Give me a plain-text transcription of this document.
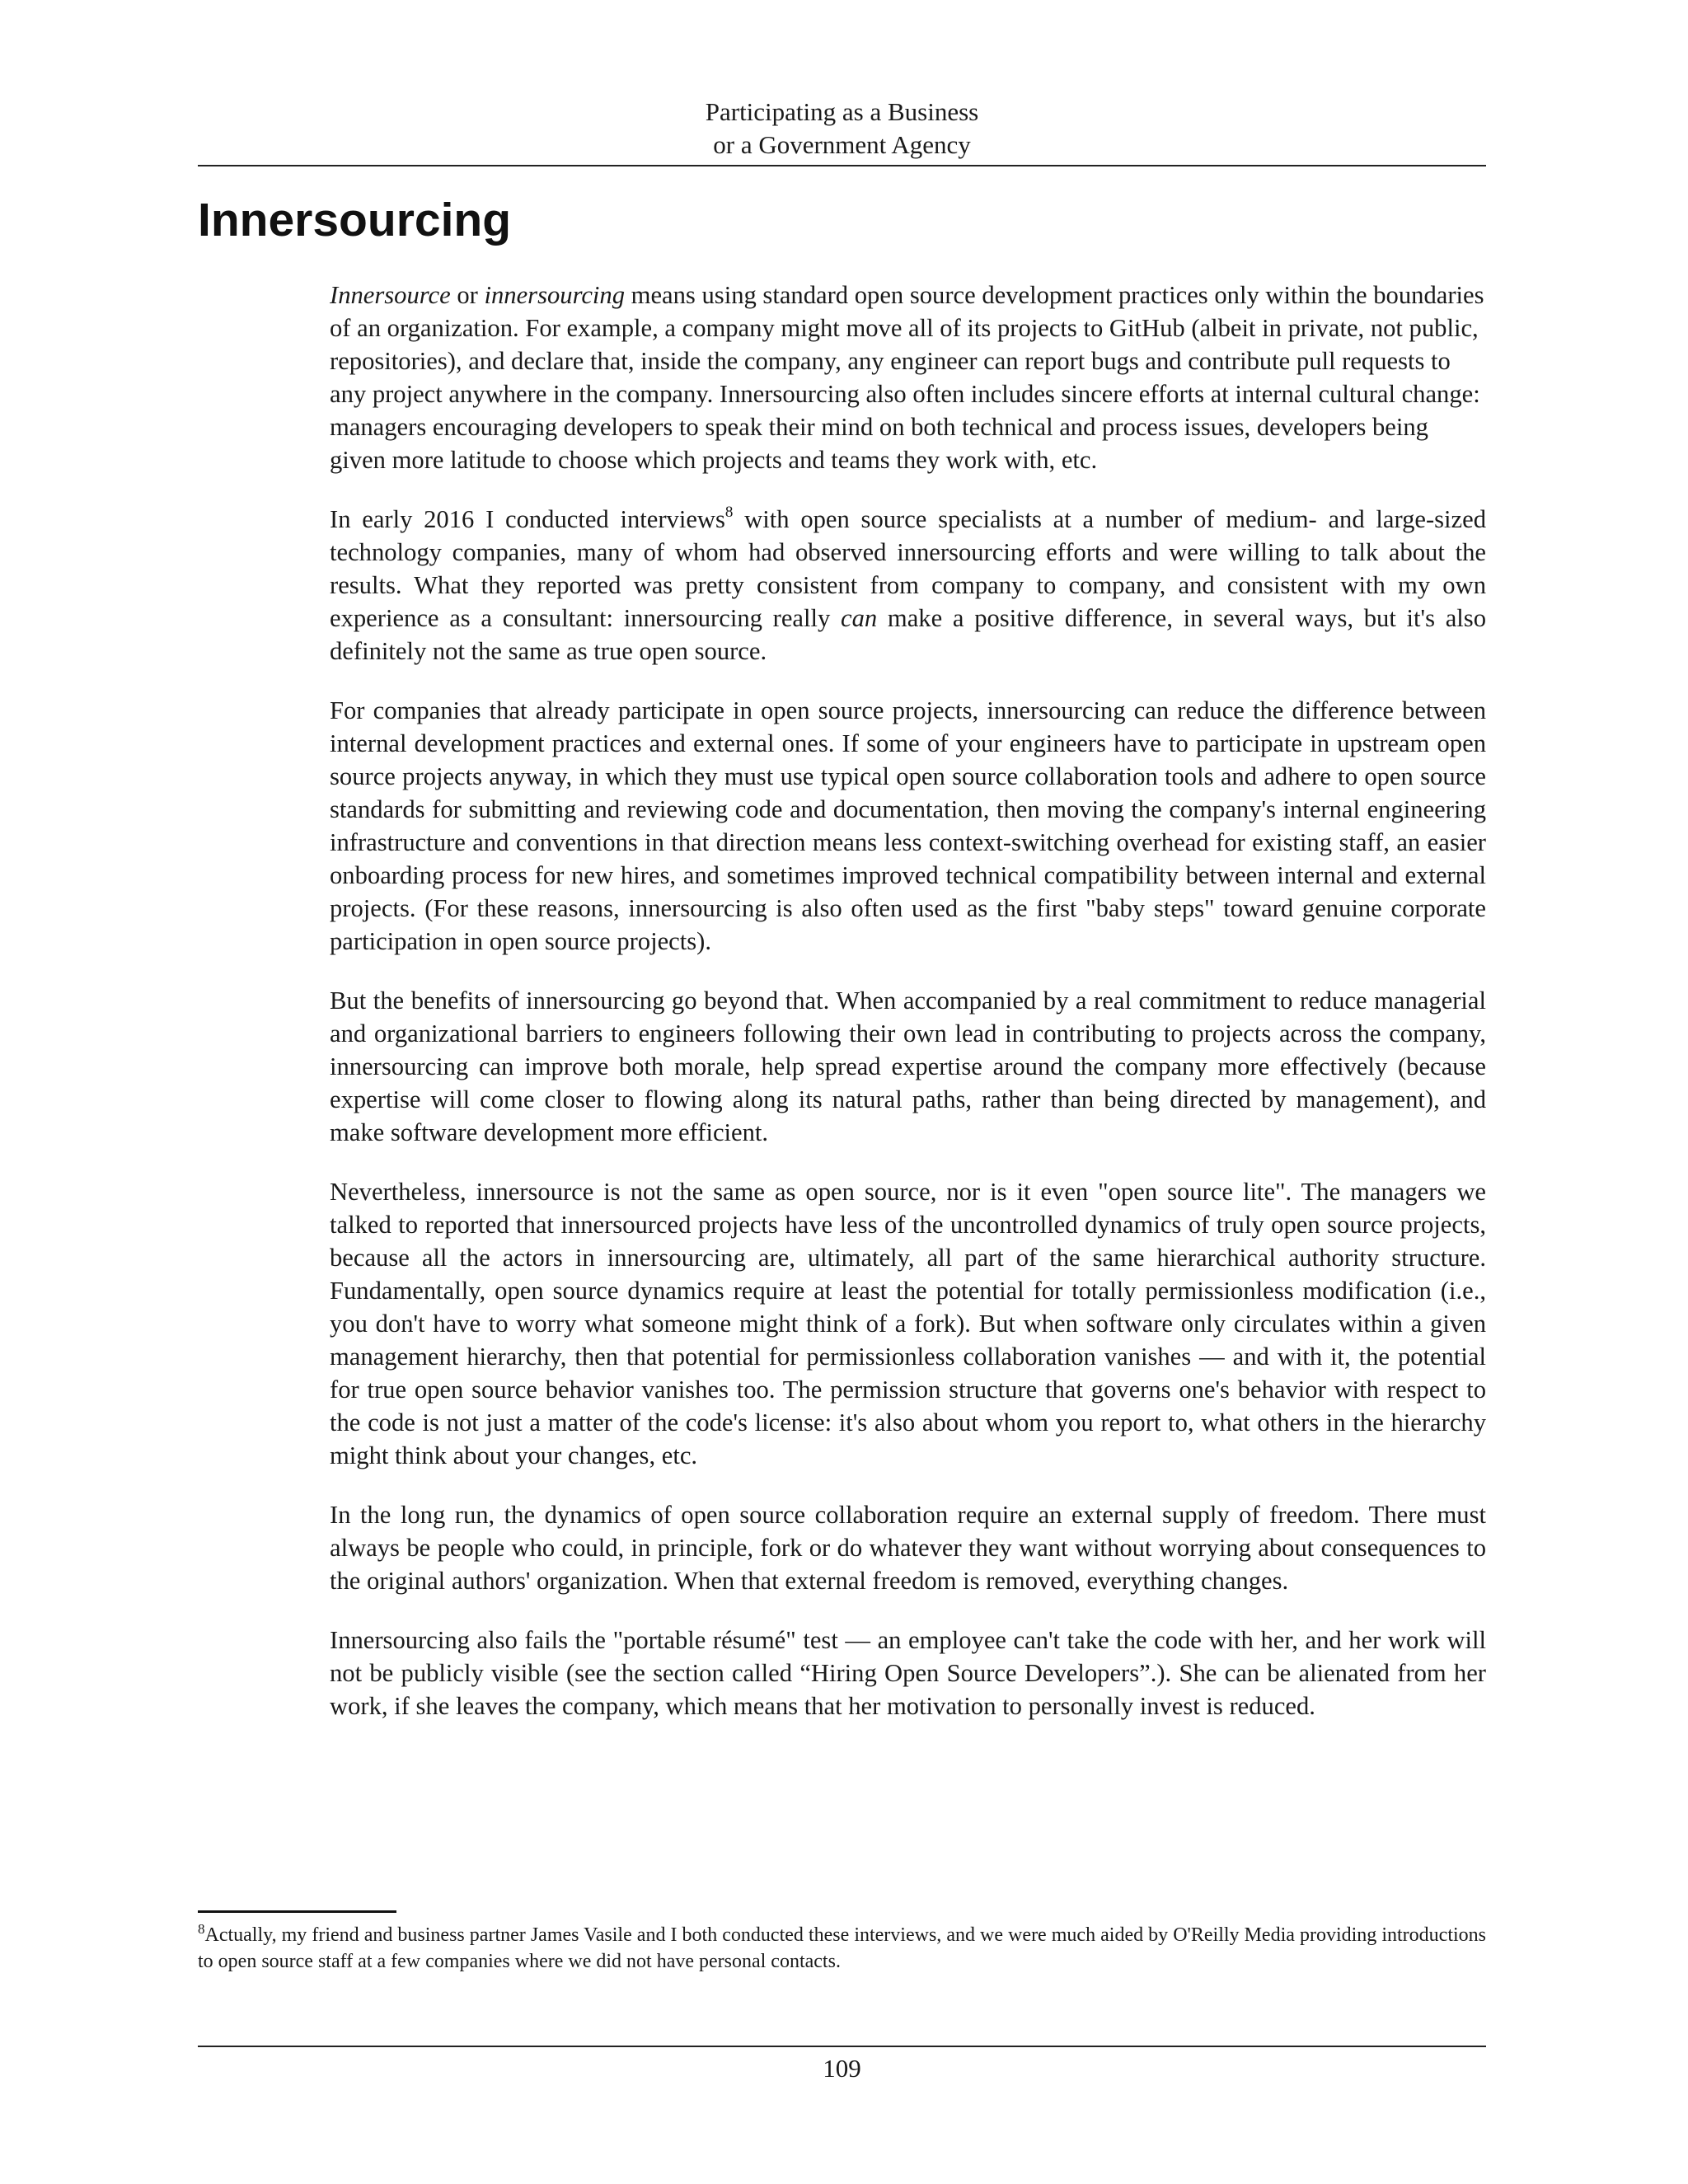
Participating as a Business
or a Government Agency
Innersourcing

Innersource or innersourcing means using standard open source development practices only within the boundaries of an organization. For example, a company might move all of its projects to GitHub (albeit in private, not public, repositories), and declare that, inside the company, any engineer can report bugs and contribute pull requests to any project anywhere in the company. Innersourcing also often includes sincere efforts at internal cultural change: managers encouraging developers to speak their mind on both technical and process issues, developers being given more latitude to choose which projects and teams they work with, etc.

In early 2016 I conducted interviews$^8$ with open source specialists at a number of medium- and large-sized technology companies, many of whom had observed innersourcing efforts and were willing to talk about the results. What they reported was pretty consistent from company to company, and consistent with my own experience as a consultant: innersourcing really can make a positive difference, in several ways, but it's also definitely not the same as true open source.

For companies that already participate in open source projects, innersourcing can reduce the difference between internal development practices and external ones. If some of your engineers have to participate in upstream open source projects anyway, in which they must use typical open source collaboration tools and adhere to open source standards for submitting and reviewing code and documentation, then moving the company's internal engineering infrastructure and conventions in that direction means less context-switching overhead for existing staff, an easier onboarding process for new hires, and sometimes improved technical compatibility between internal and external projects. (For these reasons, innersourcing is also often used as the first "baby steps" toward genuine corporate participation in open source projects).

But the benefits of innersourcing go beyond that. When accompanied by a real commitment to reduce managerial and organizational barriers to engineers following their own lead in contributing to projects across the company, innersourcing can improve both morale, help spread expertise around the company more effectively (because expertise will come closer to flowing along its natural paths, rather than being directed by management), and make software development more efficient.

Nevertheless, innersource is not the same as open source, nor is it even "open source lite". The managers we talked to reported that innersourced projects have less of the uncontrolled dynamics of truly open source projects, because all the actors in innersourcing are, ultimately, all part of the same hierarchical authority structure. Fundamentally, open source dynamics require at least the potential for totally permissionless modification (i.e., you don't have to worry what someone might think of a fork). But when software only circulates within a given management hierarchy, then that potential for permissionless collaboration vanishes — and with it, the potential for true open source behavior vanishes too. The permission structure that governs one's behavior with respect to the code is not just a matter of the code's license: it's also about whom you report to, what others in the hierarchy might think about your changes, etc.

In the long run, the dynamics of open source collaboration require an external supply of freedom. There must always be people who could, in principle, fork or do whatever they want without worrying about consequences to the original authors' organization. When that external freedom is removed, everything changes.

Innersourcing also fails the "portable résumé" test — an employee can't take the code with her, and her work will not be publicly visible (see the section called “Hiring Open Source Developers”.). She can be alienated from her work, if she leaves the company, which means that her motivation to personally invest is reduced.

$^8$Actually, my friend and business partner James Vasile and I both conducted these interviews, and we were much aided by O'Reilly Media providing introductions to open source staff at a few companies where we did not have personal contacts.

109
